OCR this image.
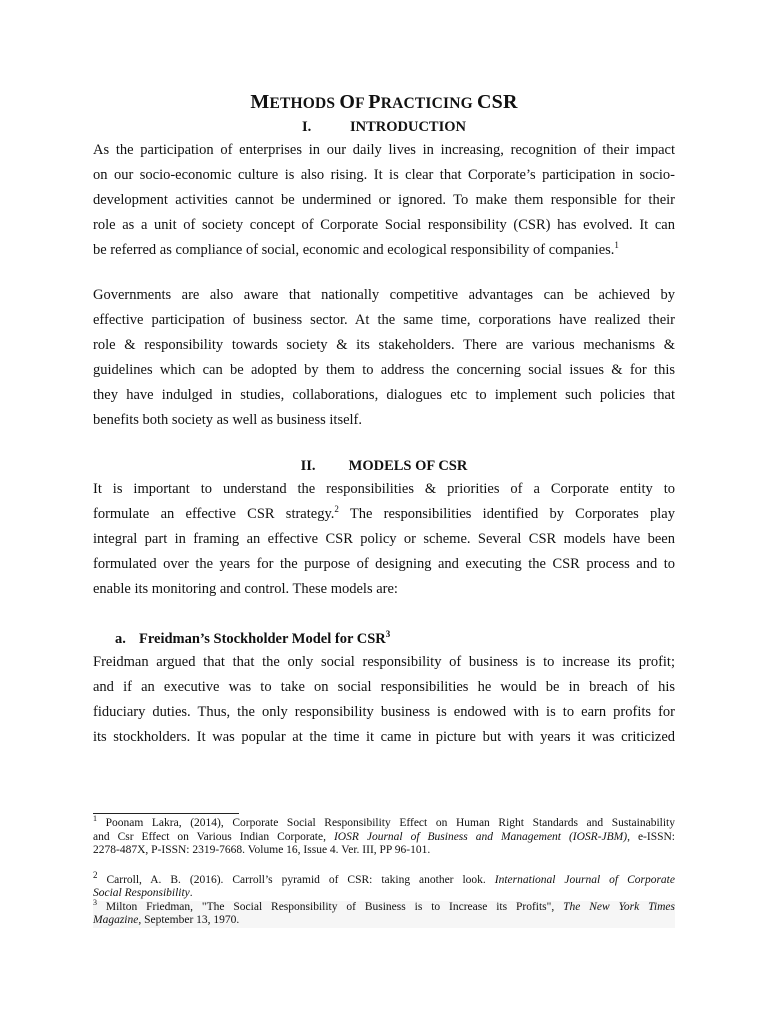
METHODS OF PRACTICING CSR
I.	INTRODUCTION

As the participation of enterprises in our daily lives in increasing, recognition of their impact
on our socio-economic culture is also rising. It is clear that Corporate’s participation in socio-
development activities cannot be undermined or ignored. To make them responsible for their
role as a unit of society concept of Corporate Social responsibility (CSR) has evolved. It can
be referred as compliance of social, economic and ecological responsibility of companies.$^1$

Governments are also aware that nationally competitive advantages can be achieved by
effective participation of business sector. At the same time, corporations have realized their
role & responsibility towards society & its stakeholders. There are various mechanisms &
guidelines which can be adopted by them to address the concerning social issues & for this
they have indulged in studies, collaborations, dialogues etc to implement such policies that
benefits both society as well as business itself.

II. MODELS OF CSR

It is important to understand the responsibilities & priorities of a Corporate entity to
formulate an effective CSR strategy.$^2$ The responsibilities identified by Corporates play
integral part in framing an effective CSR policy or scheme. Several CSR models have been
formulated over the years for the purpose of designing and executing the CSR process and to
enable its monitoring and control. These models are:

a. Freidman’s Stockholder Model for CSR$^3$

Freidman argued that that the only social responsibility of business is to increase its profit;
and if an executive was to take on social responsibilities he would be in breach of his
fiduciary duties. Thus, the only responsibility business is endowed with is to earn profits for
its stockholders. It was popular at the time it came in picture but with years it was criticized

$^1$ Poonam Lakra, (2014), Corporate Social Responsibility Effect on Human Right Standards and Sustainability
and Csr Effect on Various Indian Corporate, IOSR Journal of Business and Management (IOSR-JBM), e-ISSN:
2278-487X, P-ISSN: 2319-7668. Volume 16, Issue 4. Ver. III, PP 96-101.

$^2$ Carroll, A. B. (2016). Carroll’s pyramid of CSR: taking another look. International Journal of Corporate
Social Responsibility.

$^3$ Milton Friedman, "The Social Responsibility of Business is to Increase its Profits", The New York Times
Magazine, September 13, 1970.
